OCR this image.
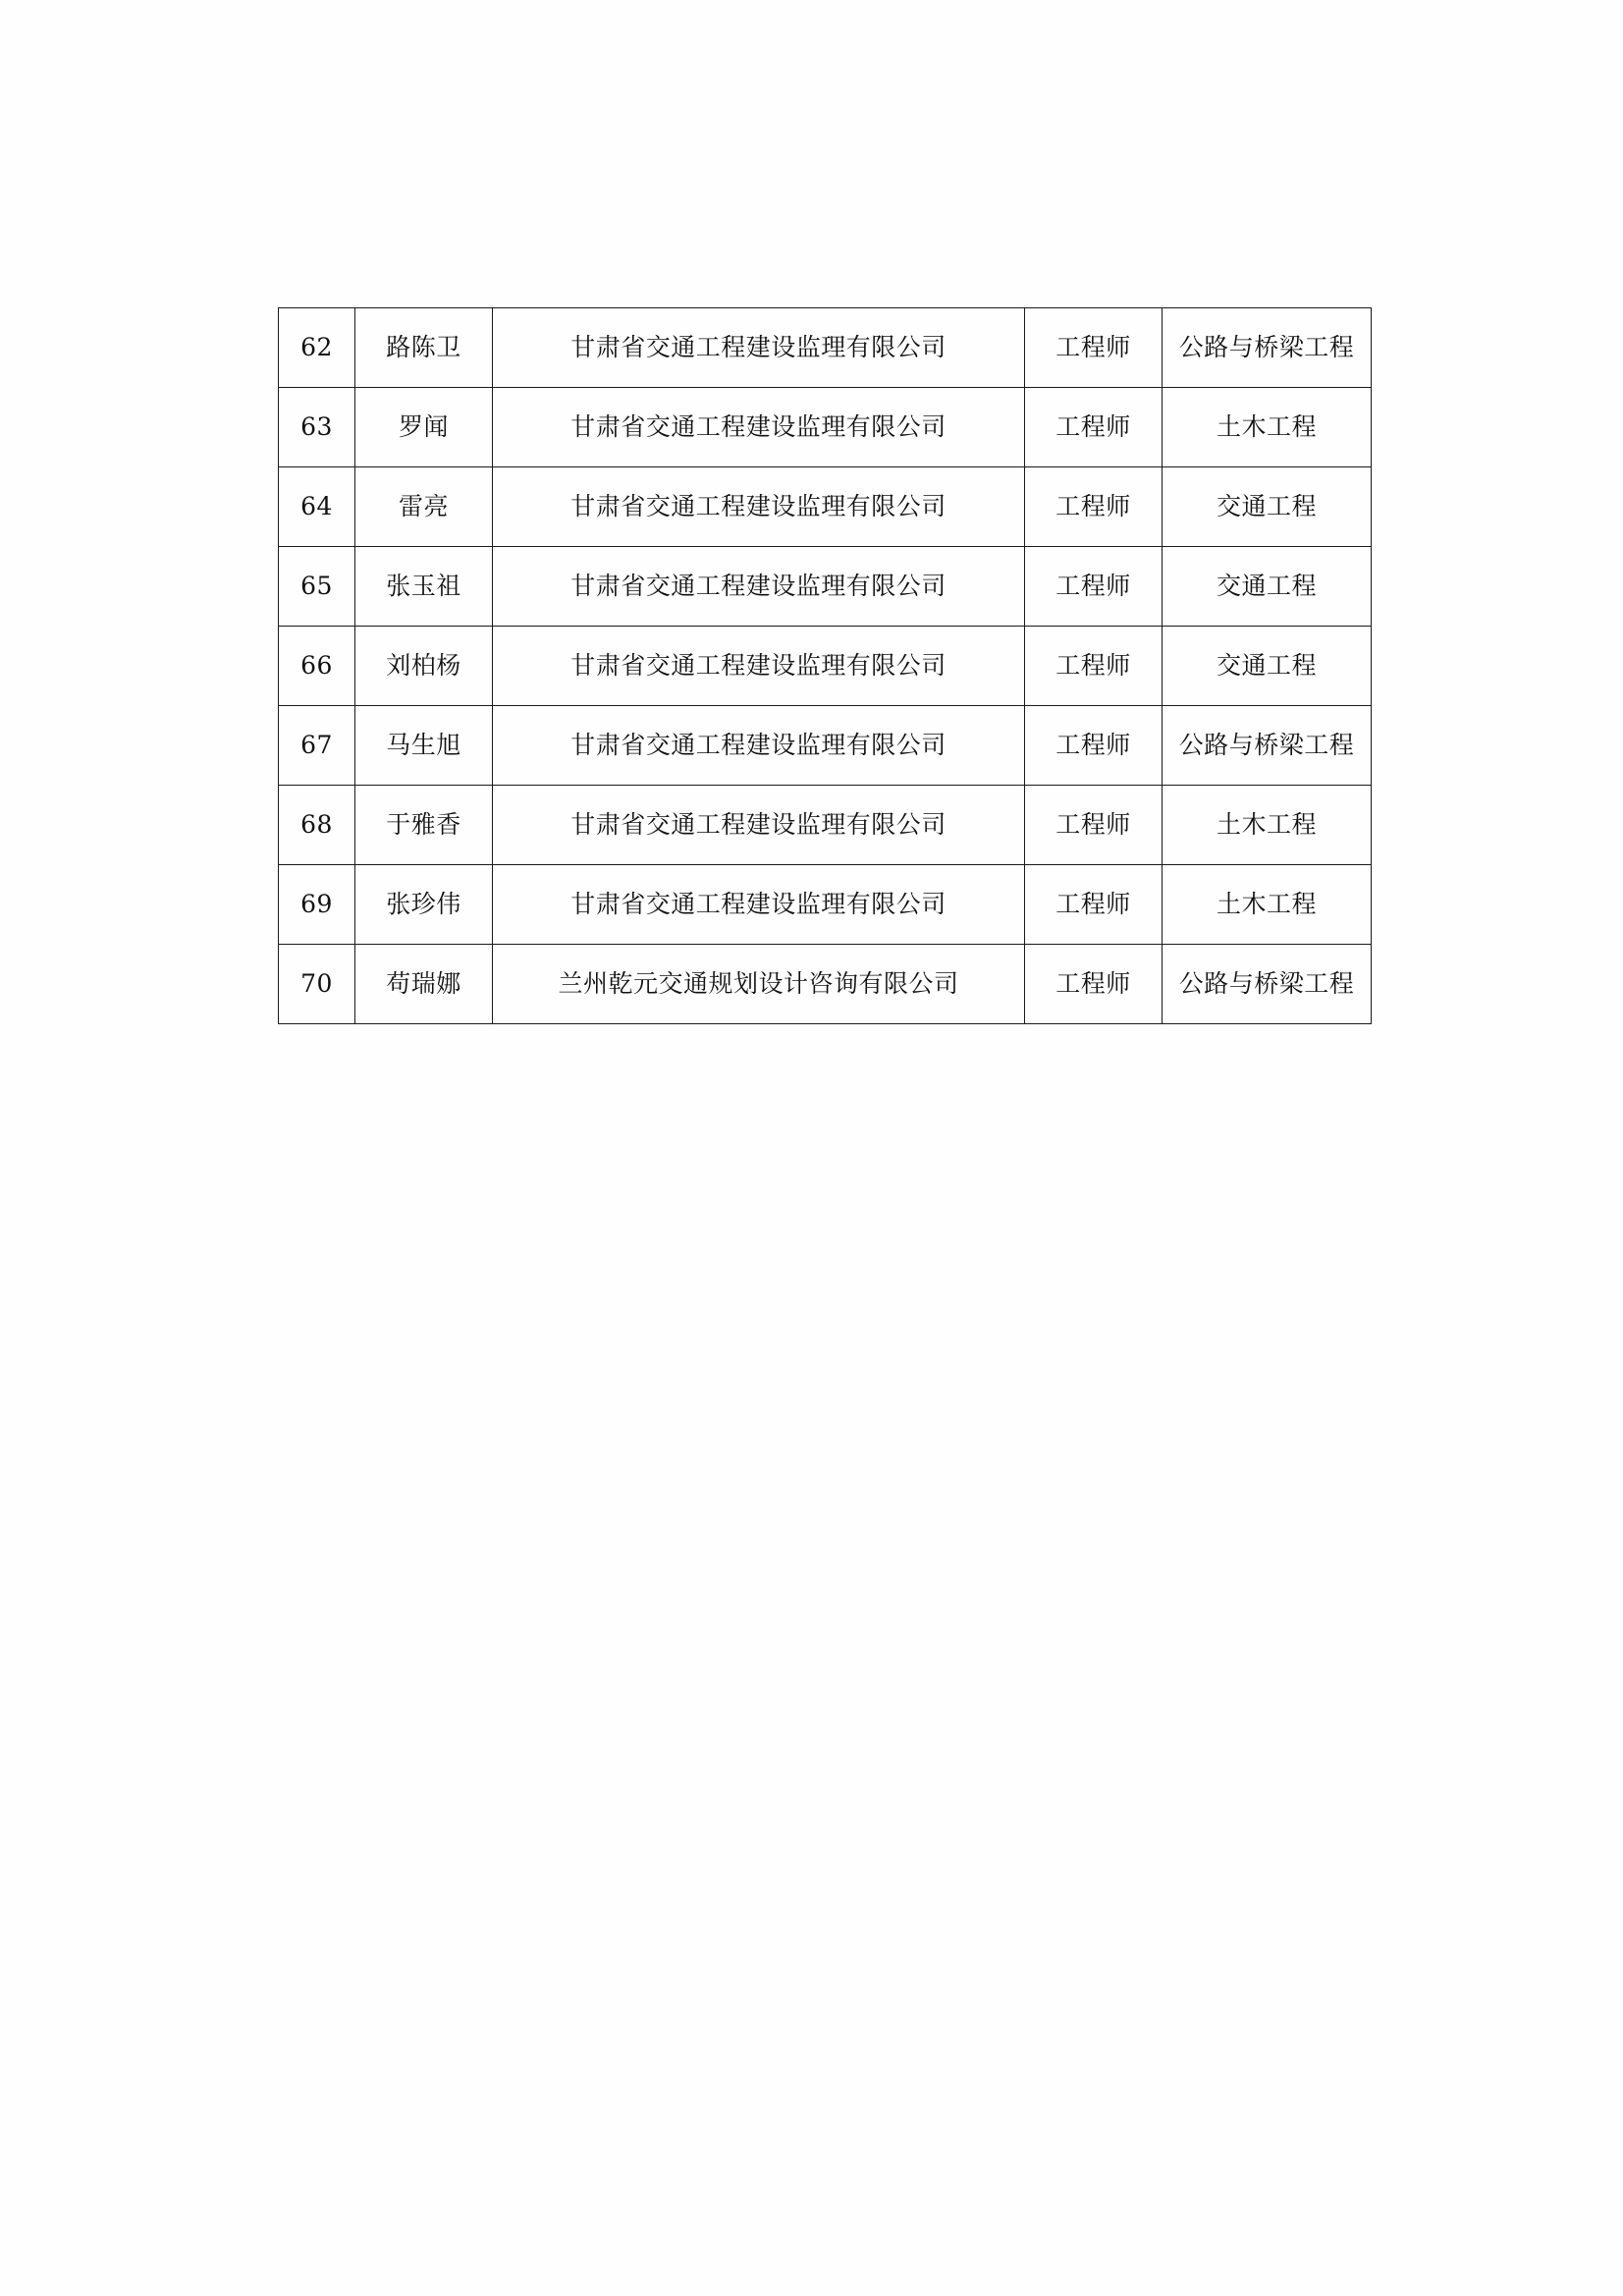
62	路陈卫	甘肃省交通工程建设监理有限公司	工程师	公路与桥梁工程
63	罗闻	甘肃省交通工程建设监理有限公司	工程师	土木工程
64	雷亮	甘肃省交通工程建设监理有限公司	工程师	交通工程
65	张玉祖	甘肃省交通工程建设监理有限公司	工程师	交通工程
66	刘柏杨	甘肃省交通工程建设监理有限公司	工程师	交通工程
67	马生旭	甘肃省交通工程建设监理有限公司	工程师	公路与桥梁工程
68	于雅香	甘肃省交通工程建设监理有限公司	工程师	土木工程
69	张珍伟	甘肃省交通工程建设监理有限公司	工程师	土木工程
70	苟瑞娜	兰州乾元交通规划设计咨询有限公司	工程师	公路与桥梁工程
